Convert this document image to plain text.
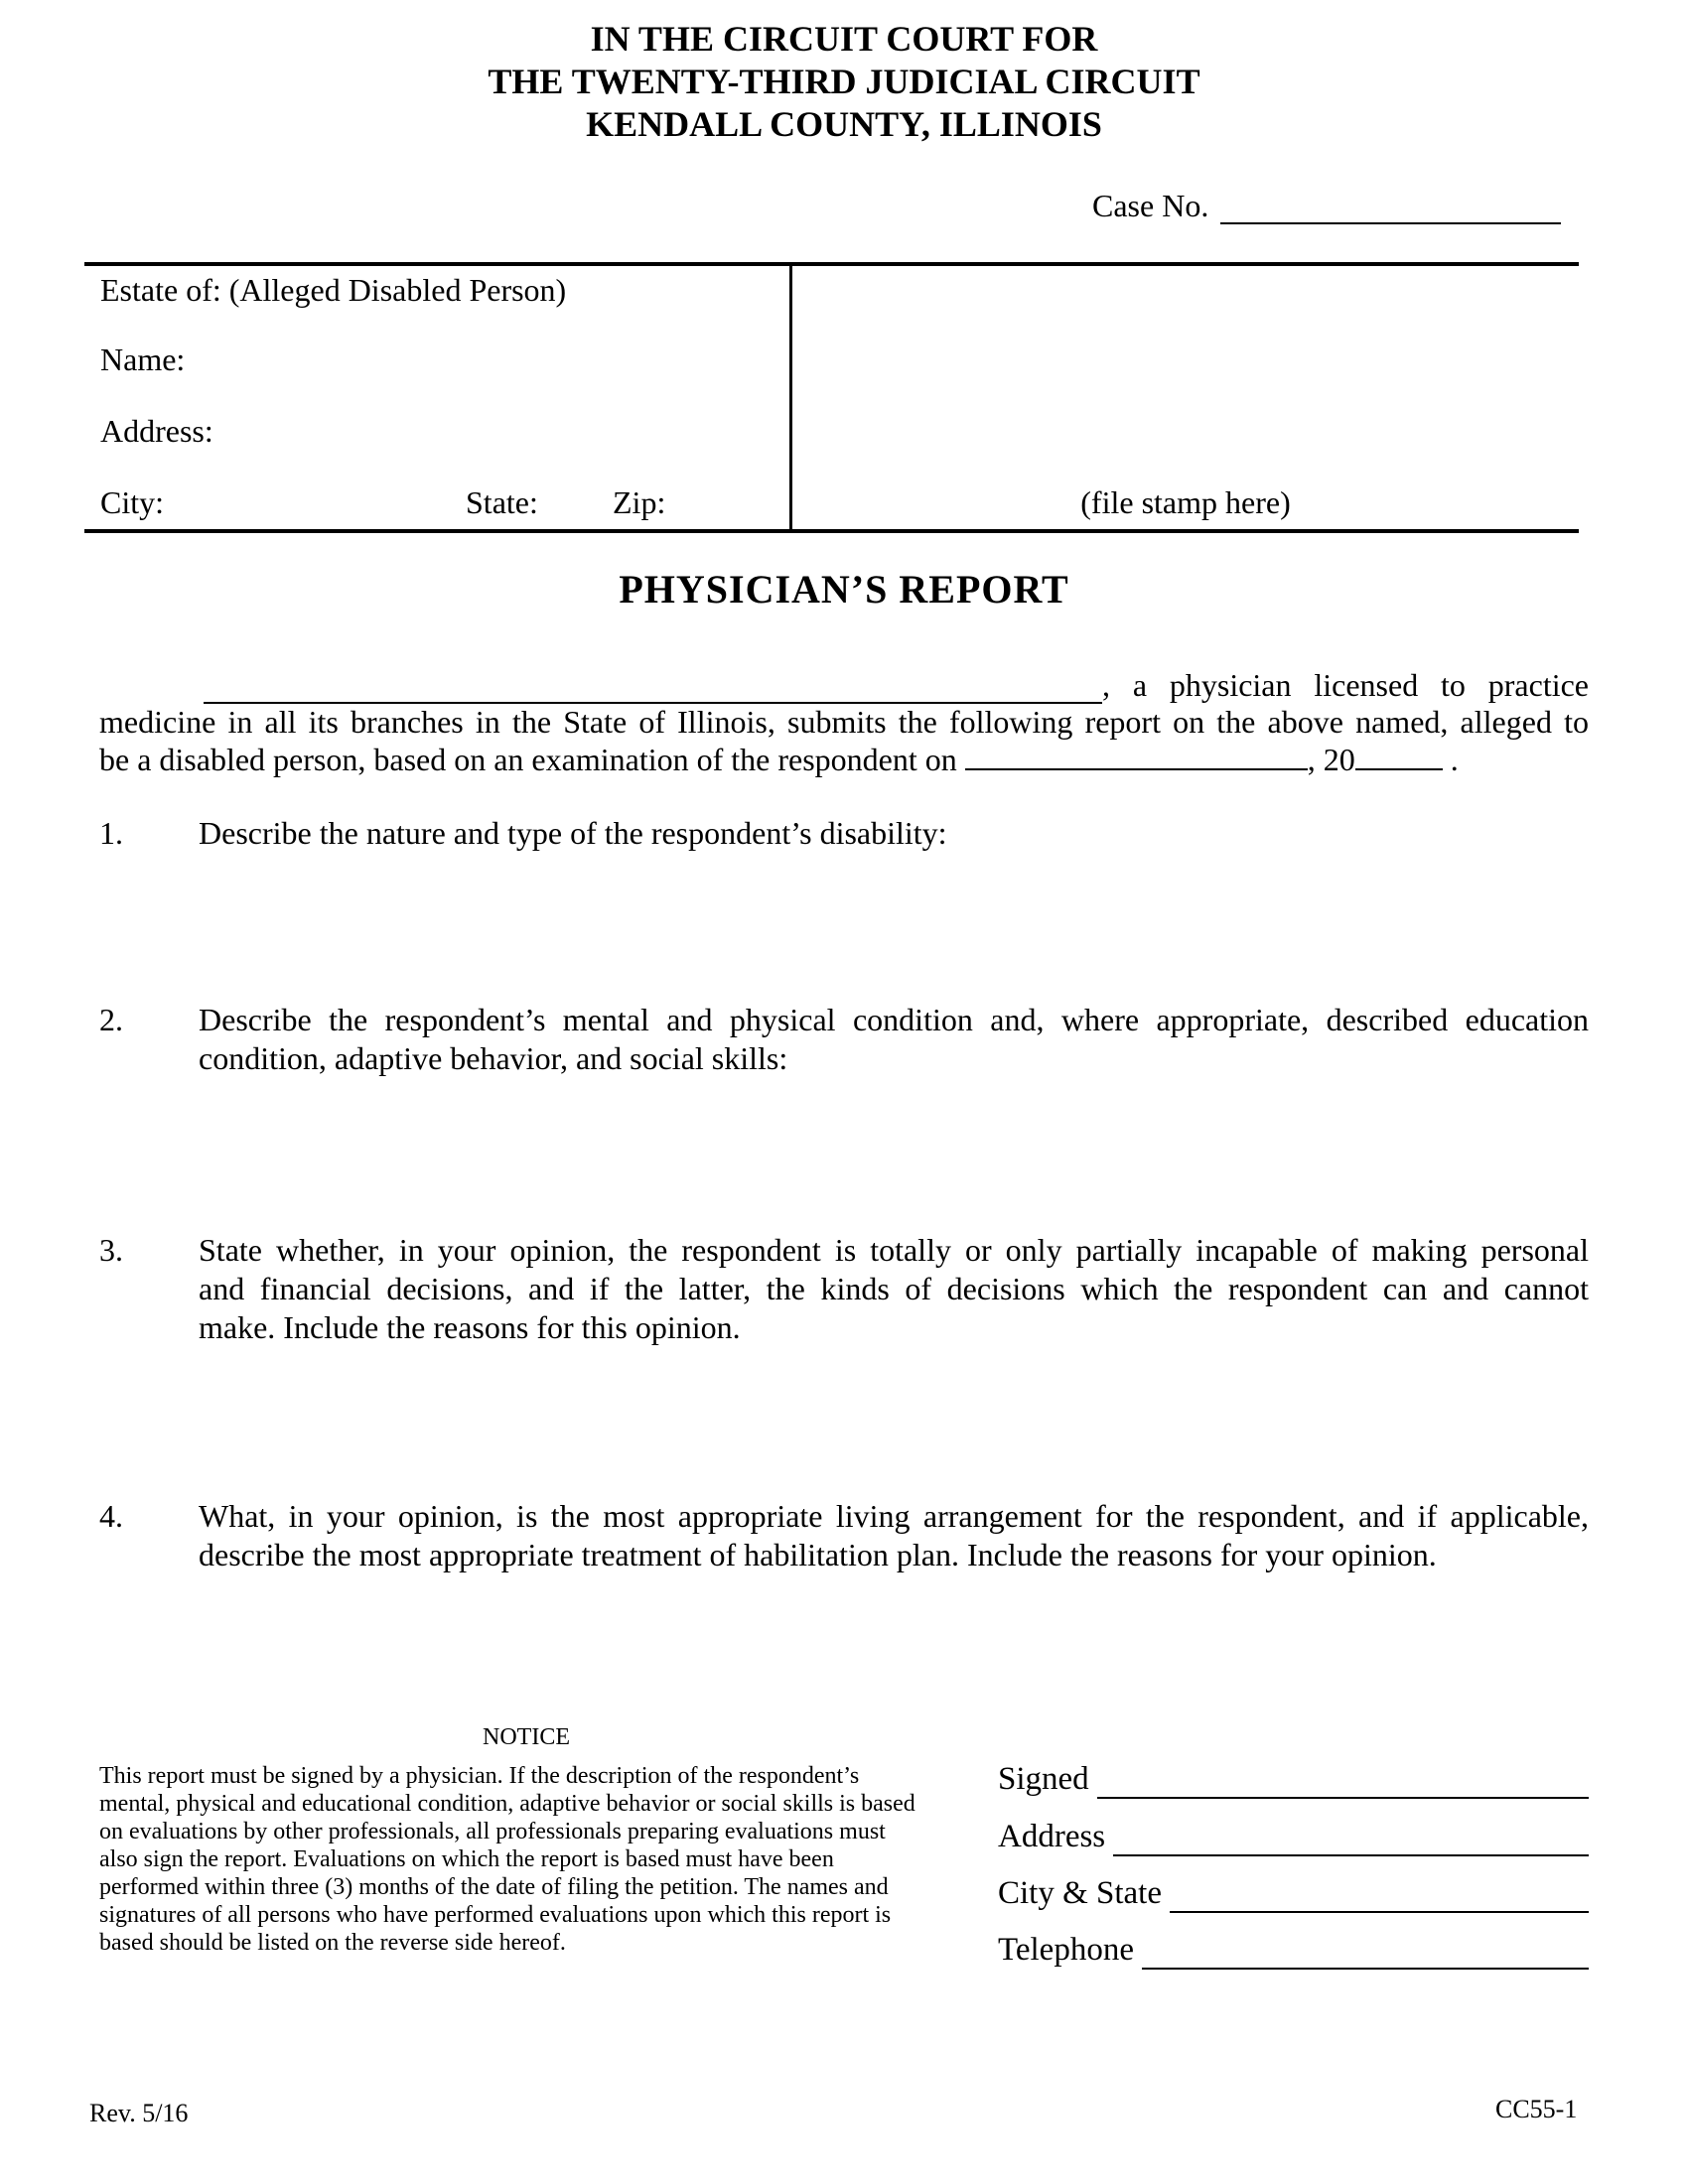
IN THE CIRCUIT COURT FOR
THE TWENTY-THIRD JUDICIAL CIRCUIT
KENDALL COUNTY, ILLINOIS
Case No.
Estate of: (Alleged Disabled Person)
Name:
Address:
City:	State: Zip:	(file stamp here)
PHYSICIAN’S REPORT
, a physician licensed to practice
medicine in all its branches in the State of Illinois, submits the following report on the above named, alleged to
be a disabled person, based on an examination of the respondent on	, 20	.
1. Describe the nature and type of the respondent’s disability:
2. Describe the respondent’s mental and physical condition and, where appropriate, described education
condition, adaptive behavior, and social skills:
3. State whether, in your opinion, the respondent is totally or only partially incapable of making personal
and financial decisions, and if the latter, the kinds of decisions which the respondent can and cannot
make. Include the reasons for this opinion.
4. What, in your opinion, is the most appropriate living arrangement for the respondent, and if applicable,
describe the most appropriate treatment of habilitation plan. Include the reasons for your opinion.
NOTICE
This report must be signed by a physician. If the description of the respondent’s
mental, physical and educational condition, adaptive behavior or social skills is based
on evaluations by other professionals, all professionals preparing evaluations must
also sign the report. Evaluations on which the report is based must have been
performed within three (3) months of the date of filing the petition. The names and
signatures of all persons who have performed evaluations upon which this report is
based should be listed on the reverse side hereof.
Signed
Address
City & State
Telephone
Rev. 5/16	CC55-1
